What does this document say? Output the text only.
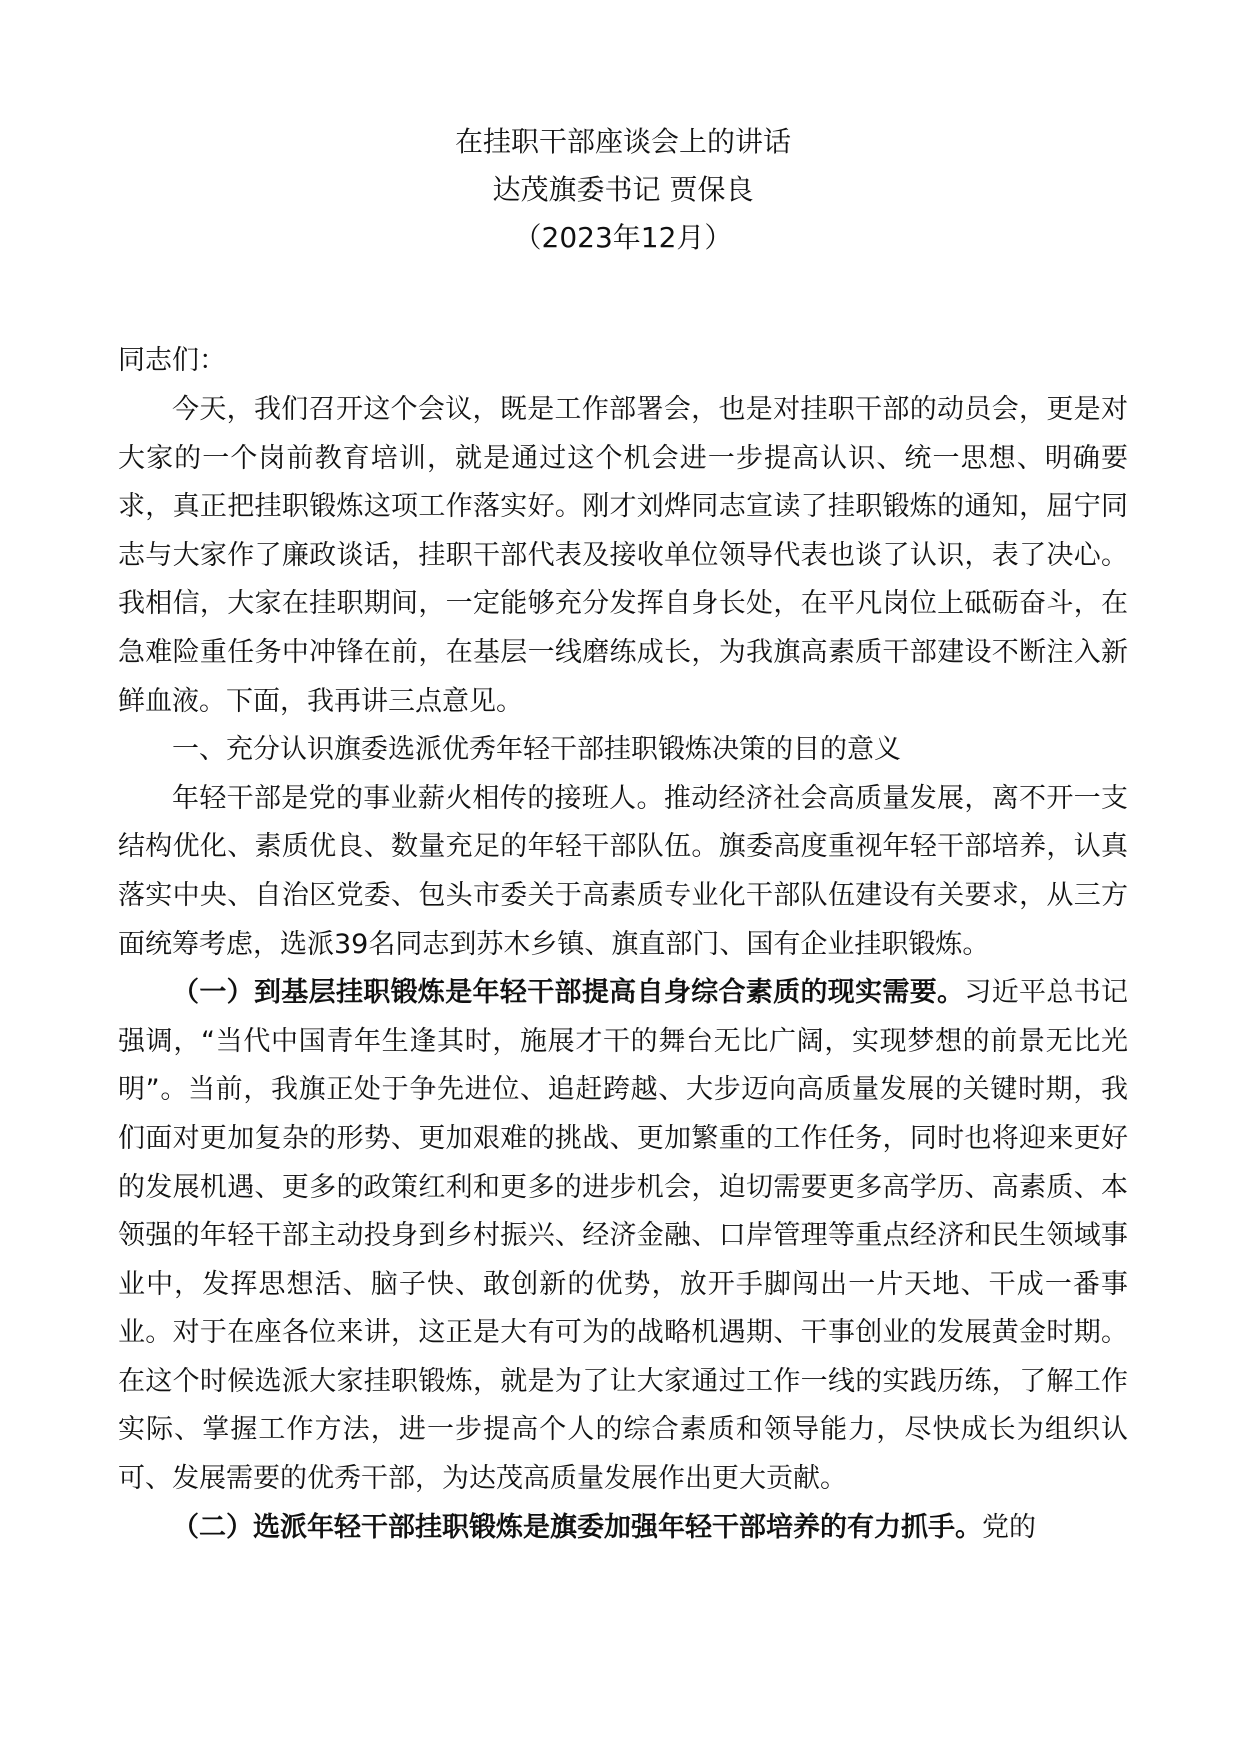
在挂职干部座谈会上的讲话
达茂旗委书记 贾保良
（2023年12月）
同志们：

今天，我们召开这个会议，既是工作部署会，也是对挂职干部的动员会，更是对大家的一个岗前教育培训，就是通过这个机会进一步提高认识、统一思想、明确要求，真正把挂职锻炼这项工作落实好。刚才刘烨同志宣读了挂职锻炼的通知，屈宁同志与大家作了廉政谈话，挂职干部代表及接收单位领导代表也谈了认识，表了决心。我相信，大家在挂职期间，一定能够充分发挥自身长处，在平凡岗位上砥砺奋斗，在急难险重任务中冲锋在前，在基层一线磨练成长，为我旗高素质干部建设不断注入新鲜血液。下面，我再讲三点意见。

一、充分认识旗委选派优秀年轻干部挂职锻炼决策的目的意义

年轻干部是党的事业薪火相传的接班人。推动经济社会高质量发展，离不开一支结构优化、素质优良、数量充足的年轻干部队伍。旗委高度重视年轻干部培养，认真落实中央、自治区党委、包头市委关于高素质专业化干部队伍建设有关要求，从三方面统筹考虑，选派39名同志到苏木乡镇、旗直部门、国有企业挂职锻炼。

（一）到基层挂职锻炼是年轻干部提高自身综合素质的现实需要。习近平总书记强调，“当代中国青年生逢其时，施展才干的舞台无比广阔，实现梦想的前景无比光明”。当前，我旗正处于争先进位、追赶跨越、大步迈向高质量发展的关键时期，我们面对更加复杂的形势、更加艰难的挑战、更加繁重的工作任务，同时也将迎来更好的发展机遇、更多的政策红利和更多的进步机会，迫切需要更多高学历、高素质、本领强的年轻干部主动投身到乡村振兴、经济金融、口岸管理等重点经济和民生领域事业中，发挥思想活、脑子快、敢创新的优势，放开手脚闯出一片天地、干成一番事业。对于在座各位来讲，这正是大有可为的战略机遇期、干事创业的发展黄金时期。在这个时候选派大家挂职锻炼，就是为了让大家通过工作一线的实践历练，了解工作实际、掌握工作方法，进一步提高个人的综合素质和领导能力，尽快成长为组织认可、发展需要的优秀干部，为达茂高质量发展作出更大贡献。

（二）选派年轻干部挂职锻炼是旗委加强年轻干部培养的有力抓手。党的
